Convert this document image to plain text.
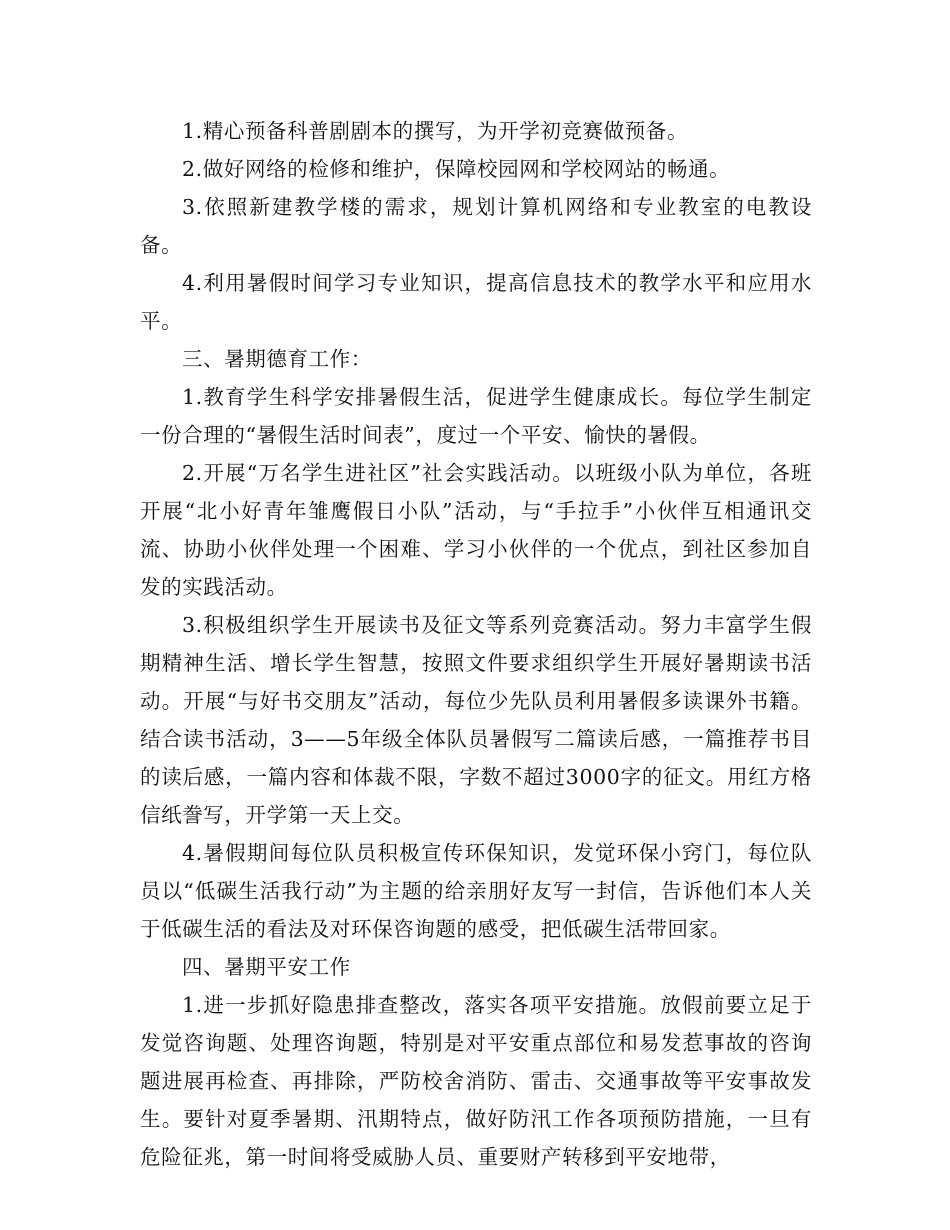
1.精心预备科普剧剧本的撰写，为开学初竞赛做预备。

2.做好网络的检修和维护，保障校园网和学校网站的畅通。

3.依照新建教学楼的需求，规划计算机网络和专业教室的电教设备。

4.利用暑假时间学习专业知识，提高信息技术的教学水平和应用水平。

三、暑期德育工作：

1.教育学生科学安排暑假生活，促进学生健康成长。每位学生制定一份合理的“暑假生活时间表”，度过一个平安、愉快的暑假。

2.开展“万名学生进社区”社会实践活动。以班级小队为单位，各班开展“北小好青年雏鹰假日小队”活动，与“手拉手”小伙伴互相通讯交流、协助小伙伴处理一个困难、学习小伙伴的一个优点，到社区参加自发的实践活动。

3.积极组织学生开展读书及征文等系列竞赛活动。努力丰富学生假期精神生活、增长学生智慧，按照文件要求组织学生开展好暑期读书活动。开展“与好书交朋友”活动，每位少先队员利用暑假多读课外书籍。结合读书活动，3——5年级全体队员暑假写二篇读后感，一篇推荐书目的读后感，一篇内容和体裁不限，字数不超过3000字的征文。用红方格信纸誊写，开学第一天上交。

4.暑假期间每位队员积极宣传环保知识，发觉环保小窍门，每位队员以“低碳生活我行动”为主题的给亲朋好友写一封信，告诉他们本人关于低碳生活的看法及对环保咨询题的感受，把低碳生活带回家。

四、暑期平安工作

1.进一步抓好隐患排查整改，落实各项平安措施。放假前要立足于发觉咨询题、处理咨询题，特别是对平安重点部位和易发惹事故的咨询题进展再检查、再排除，严防校舍消防、雷击、交通事故等平安事故发生。要针对夏季暑期、汛期特点，做好防汛工作各项预防措施，一旦有危险征兆，第一时间将受威胁人员、重要财产转移到平安地带，
